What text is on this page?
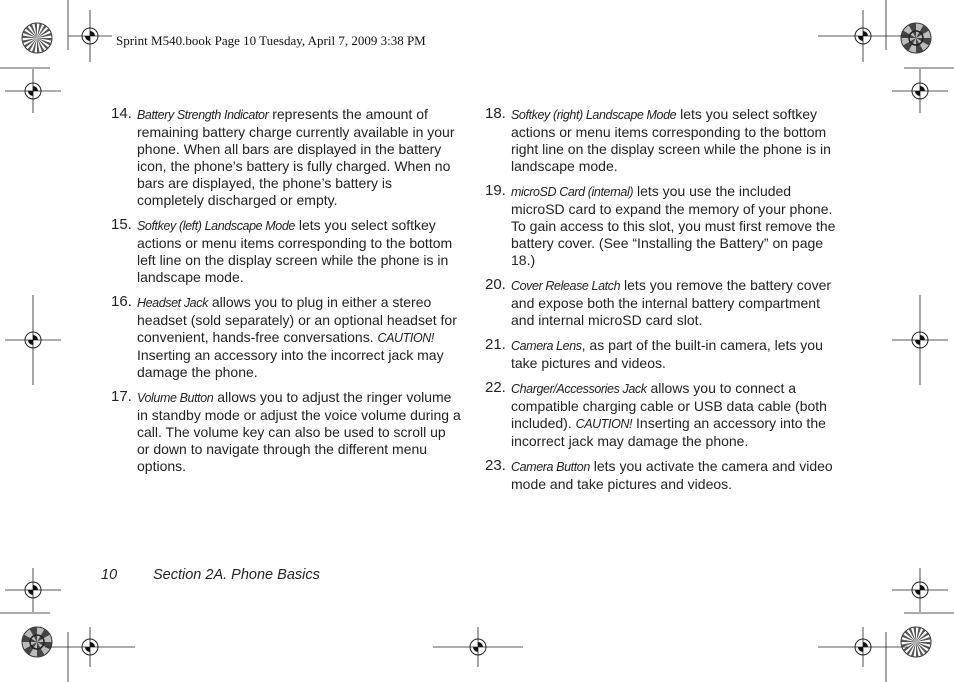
Sprint M540.book Page 10 Tuesday, April 7, 2009 3:38 PM
14. Battery Strength Indicator represents the amount of remaining battery charge currently available in your phone. When all bars are displayed in the battery icon, the phone’s battery is fully charged. When no bars are displayed, the phone’s battery is completely discharged or empty.
15. Softkey (left) Landscape Mode lets you select softkey actions or menu items corresponding to the bottom left line on the display screen while the phone is in landscape mode.
16. Headset Jack allows you to plug in either a stereo headset (sold separately) or an optional headset for convenient, hands-free conversations. CAUTION! Inserting an accessory into the incorrect jack may damage the phone.
17. Volume Button allows you to adjust the ringer volume in standby mode or adjust the voice volume during a call. The volume key can also be used to scroll up or down to navigate through the different menu options.
18. Softkey (right) Landscape Mode lets you select softkey actions or menu items corresponding to the bottom right line on the display screen while the phone is in landscape mode.
19. microSD Card (internal) lets you use the included microSD card to expand the memory of your phone. To gain access to this slot, you must first remove the battery cover. (See “Installing the Battery” on page 18.)
20. Cover Release Latch lets you remove the battery cover and expose both the internal battery compartment and internal microSD card slot.
21. Camera Lens, as part of the built-in camera, lets you take pictures and videos.
22. Charger/Accessories Jack allows you to connect a compatible charging cable or USB data cable (both included). CAUTION! Inserting an accessory into the incorrect jack may damage the phone.
23. Camera Button lets you activate the camera and video mode and take pictures and videos.
10 Section 2A. Phone Basics
